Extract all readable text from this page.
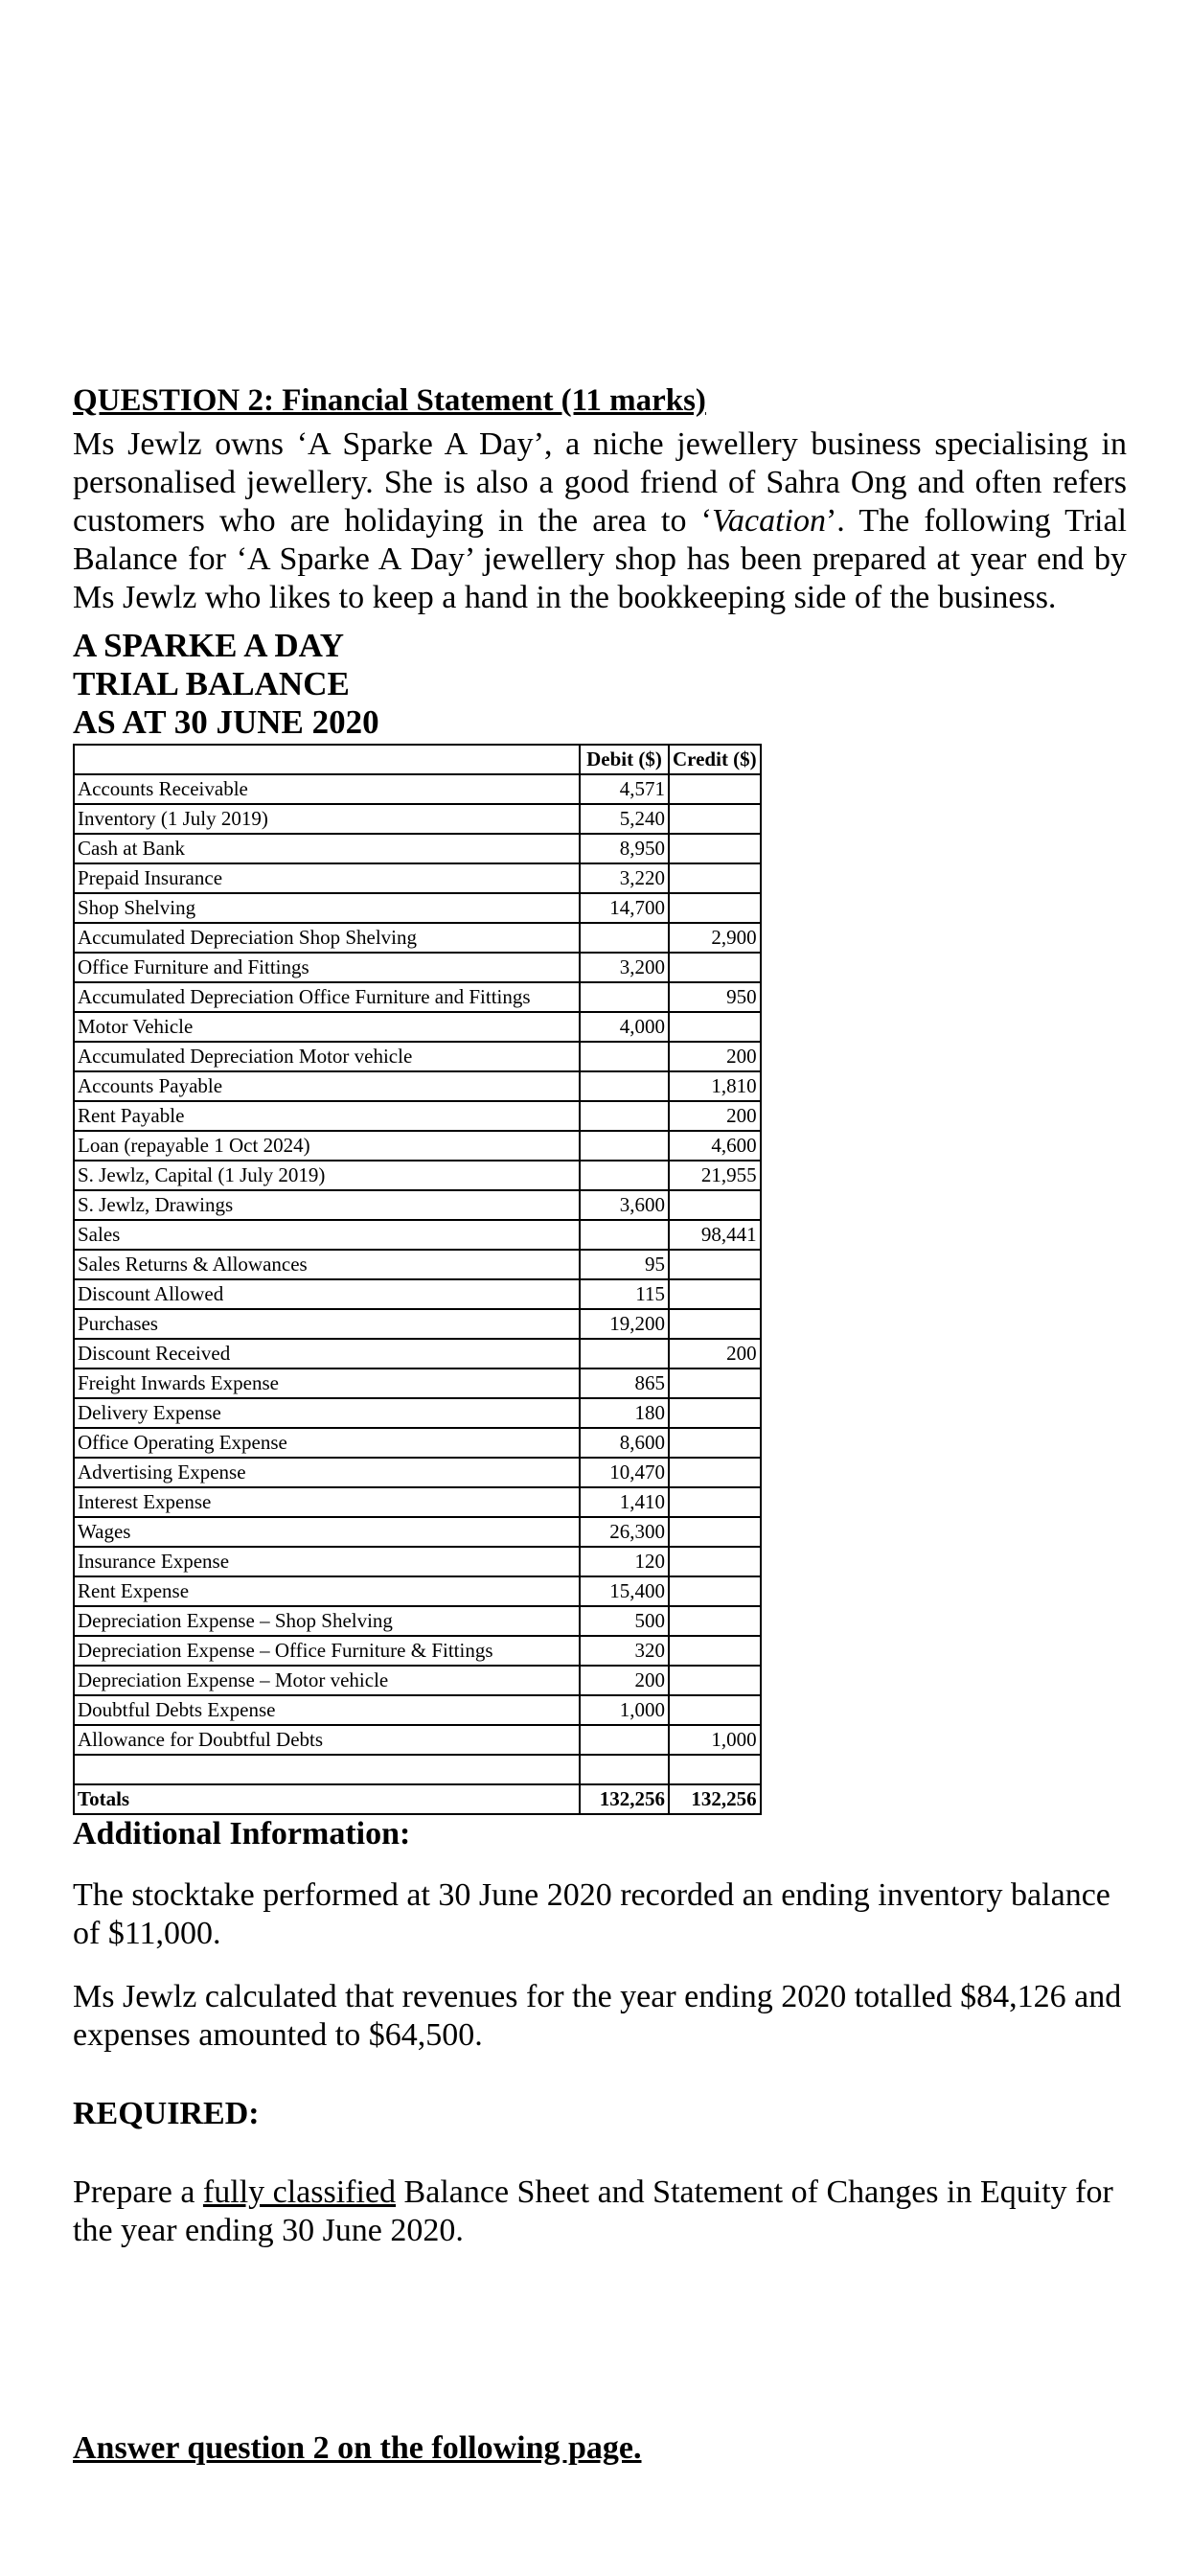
QUESTION 2: Financial Statement (11 marks)

Ms Jewlz owns ‘A Sparke A Day’, a niche jewellery business specialising in personalised jewellery. She is also a good friend of Sahra Ong and often refers customers who are holidaying in the area to ‘Vacation’. The following Trial Balance for ‘A Sparke A Day’ jewellery shop has been prepared at year end by Ms Jewlz who likes to keep a hand in the bookkeeping side of the business.

A SPARKE A DAY
TRIAL BALANCE
AS AT 30 JUNE 2020
	Debit ($)	Credit ($)
Accounts Receivable	4,571	
Inventory (1 July 2019)	5,240	
Cash at Bank	8,950	
Prepaid Insurance	3,220	
Shop Shelving	14,700	
Accumulated Depreciation Shop Shelving		2,900
Office Furniture and Fittings	3,200	
Accumulated Depreciation Office Furniture and Fittings		950
Motor Vehicle	4,000	
Accumulated Depreciation Motor vehicle		200
Accounts Payable		1,810
Rent Payable		200
Loan (repayable 1 Oct 2024)		4,600
S. Jewlz, Capital (1 July 2019)		21,955
S. Jewlz, Drawings	3,600	
Sales		98,441
Sales Returns & Allowances	95	
Discount Allowed	115	
Purchases	19,200	
Discount Received		200
Freight Inwards Expense	865	
Delivery Expense	180	
Office Operating Expense	8,600	
Advertising Expense	10,470	
Interest Expense	1,410	
Wages	26,300	
Insurance Expense	120	
Rent Expense	15,400	
Depreciation Expense – Shop Shelving	500	
Depreciation Expense – Office Furniture & Fittings	320	
Depreciation Expense – Motor vehicle	200	
Doubtful Debts Expense	1,000	
Allowance for Doubtful Debts		1,000

Totals	132,256	132,256
Additional Information:

The stocktake performed at 30 June 2020 recorded an ending inventory balance of $11,000.

Ms Jewlz calculated that revenues for the year ending 2020 totalled $84,126 and expenses amounted to $64,500.

REQUIRED:

Prepare a fully classified Balance Sheet and Statement of Changes in Equity for the year ending 30 June 2020.

Answer question 2 on the following page.
